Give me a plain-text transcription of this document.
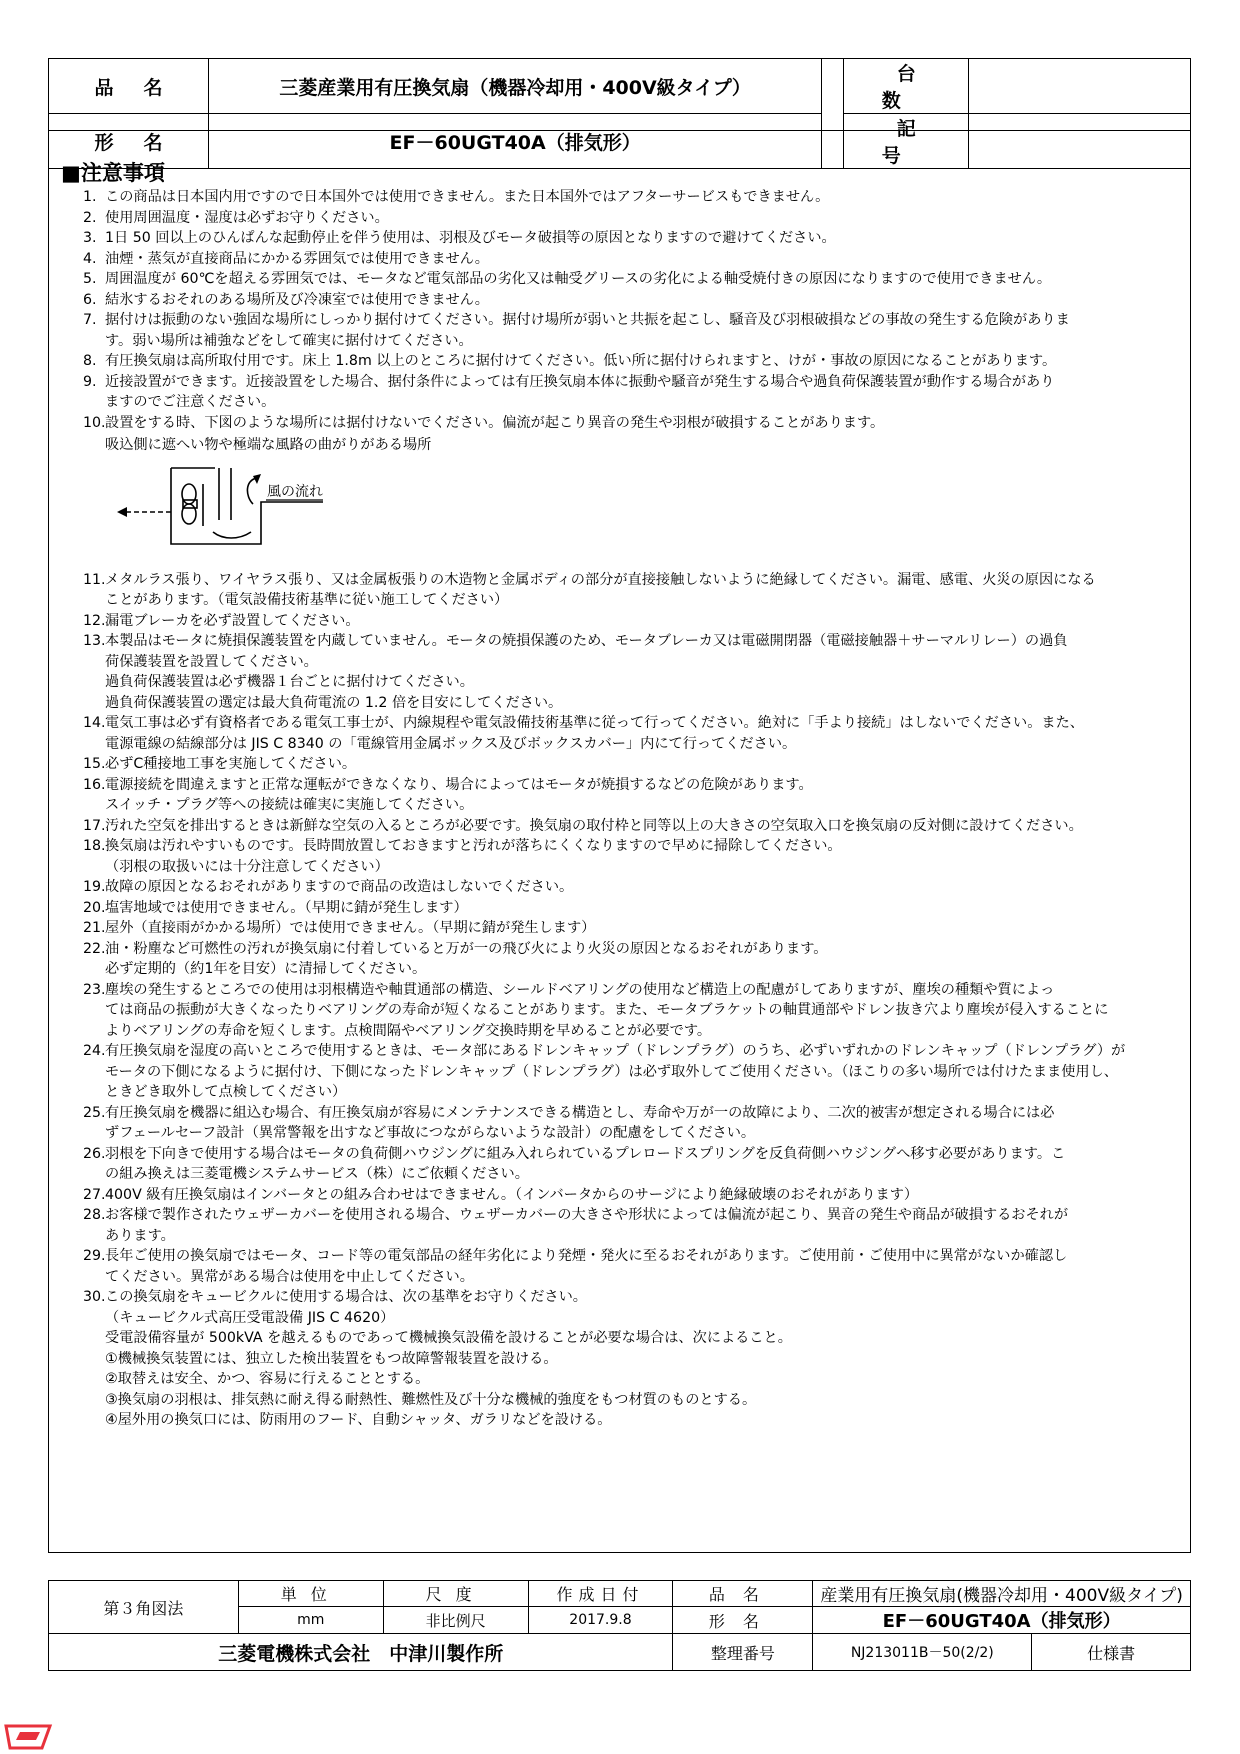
品名	三菱産業用有圧換気扇（機器冷却用・400V級タイプ）		台数	
形名	EF－60UGT40A（排気形）		記号	
■注意事項
1. この商品は日本国内用ですので日本国外では使用できません。また日本国外ではアフターサービスもできません。
2. 使用周囲温度・湿度は必ずお守りください。
3. 1日 50 回以上のひんぱんな起動停止を伴う使用は、羽根及びモータ破損等の原因となりますので避けてください。
4. 油煙・蒸気が直接商品にかかる雰囲気では使用できません。
5. 周囲温度が 60℃を超える雰囲気では、モータなど電気部品の劣化又は軸受グリースの劣化による軸受焼付きの原因になりますので使用できません。
6. 結氷するおそれのある場所及び冷凍室では使用できません。
7. 据付けは振動のない強固な場所にしっかり据付けてください。据付け場所が弱いと共振を起こし、騒音及び羽根破損などの事故の発生する危険がありま
す。弱い場所は補強などをして確実に据付けてください。
8. 有圧換気扇は高所取付用です。床上 1.8m 以上のところに据付けてください。低い所に据付けられますと、けが・事故の原因になることがあります。
9. 近接設置ができます。近接設置をした場合、据付条件によっては有圧換気扇本体に振動や騒音が発生する場合や過負荷保護装置が動作する場合があり
ますのでご注意ください。
10. 設置をする時、下図のような場所には据付けないでください。偏流が起こり異音の発生や羽根が破損することがあります。
吸込側に遮へい物や極端な風路の曲がりがある場所
風の流れ
11. メタルラス張り、ワイヤラス張り、又は金属板張りの木造物と金属ボディの部分が直接接触しないように絶縁してください。漏電、感電、火災の原因になる
ことがあります。（電気設備技術基準に従い施工してください）
12. 漏電ブレーカを必ず設置してください。
13. 本製品はモータに焼損保護装置を内蔵していません。モータの焼損保護のため、モータブレーカ又は電磁開閉器（電磁接触器＋サーマルリレー）の過負
荷保護装置を設置してください。
過負荷保護装置は必ず機器１台ごとに据付けてください。
過負荷保護装置の選定は最大負荷電流の 1.2 倍を目安にしてください。
14. 電気工事は必ず有資格者である電気工事士が、内線規程や電気設備技術基準に従って行ってください。絶対に「手より接続」はしないでください。また、
電源電線の結線部分は JIS C 8340 の「電線管用金属ボックス及びボックスカバー」内にて行ってください。
15. 必ずC種接地工事を実施してください。
16. 電源接続を間違えますと正常な運転ができなくなり、場合によってはモータが焼損するなどの危険があります。
スイッチ・プラグ等への接続は確実に実施してください。
17. 汚れた空気を排出するときは新鮮な空気の入るところが必要です。換気扇の取付枠と同等以上の大きさの空気取入口を換気扇の反対側に設けてください。
18. 換気扇は汚れやすいものです。長時間放置しておきますと汚れが落ちにくくなりますので早めに掃除してください。
（羽根の取扱いには十分注意してください）
19. 故障の原因となるおそれがありますので商品の改造はしないでください。
20. 塩害地域では使用できません。（早期に錆が発生します）
21. 屋外（直接雨がかかる場所）では使用できません。（早期に錆が発生します）
22. 油・粉塵など可燃性の汚れが換気扇に付着していると万が一の飛び火により火災の原因となるおそれがあります。
必ず定期的（約1年を目安）に清掃してください。
23. 塵埃の発生するところでの使用は羽根構造や軸貫通部の構造、シールドベアリングの使用など構造上の配慮がしてありますが、塵埃の種類や質によっ
ては商品の振動が大きくなったりベアリングの寿命が短くなることがあります。また、モータブラケットの軸貫通部やドレン抜き穴より塵埃が侵入することに
よりベアリングの寿命を短くします。点検間隔やベアリング交換時期を早めることが必要です。
24. 有圧換気扇を湿度の高いところで使用するときは、モータ部にあるドレンキャップ（ドレンプラグ）のうち、必ずいずれかのドレンキャップ（ドレンプラグ）が
モータの下側になるように据付け、下側になったドレンキャップ（ドレンプラグ）は必ず取外してご使用ください。（ほこりの多い場所では付けたまま使用し、
ときどき取外して点検してください）
25. 有圧換気扇を機器に組込む場合、有圧換気扇が容易にメンテナンスできる構造とし、寿命や万が一の故障により、二次的被害が想定される場合には必
ずフェールセーフ設計（異常警報を出すなど事故につながらないような設計）の配慮をしてください。
26. 羽根を下向きで使用する場合はモータの負荷側ハウジングに組み入れられているプレロードスプリングを反負荷側ハウジングへ移す必要があります。こ
の組み換えは三菱電機システムサービス（株）にご依頼ください。
27. 400V 級有圧換気扇はインバータとの組み合わせはできません。（インバータからのサージにより絶縁破壊のおそれがあります）
28. お客様で製作されたウェザーカバーを使用される場合、ウェザーカバーの大きさや形状によっては偏流が起こり、異音の発生や商品が破損するおそれが
あります。
29. 長年ご使用の換気扇ではモータ、コード等の電気部品の経年劣化により発煙・発火に至るおそれがあります。ご使用前・ご使用中に異常がないか確認し
てください。異常がある場合は使用を中止してください。
30. この換気扇をキュービクルに使用する場合は、次の基準をお守りください。
（キュービクル式高圧受電設備 JIS C 4620）
受電設備容量が 500kVA を越えるものであって機械換気設備を設けることが必要な場合は、次によること。
①機械換気装置には、独立した検出装置をもつ故障警報装置を設ける。
②取替えは安全、かつ、容易に行えることとする。
③換気扇の羽根は、排気熱に耐え得る耐熱性、難燃性及び十分な機械的強度をもつ材質のものとする。
④屋外用の換気口には、防雨用のフード、自動シャッタ、ガラリなどを設ける。
第３角図法	単位	尺度	作成日付	品名	産業用有圧換気扇(機器冷却用・400V級タイプ)
mm	非比例尺	2017.9.8	形名	EF－60UGT40A（排気形）
三菱電機株式会社　中津川製作所	整理番号		NJ213011B－50(2/2)	仕様書
